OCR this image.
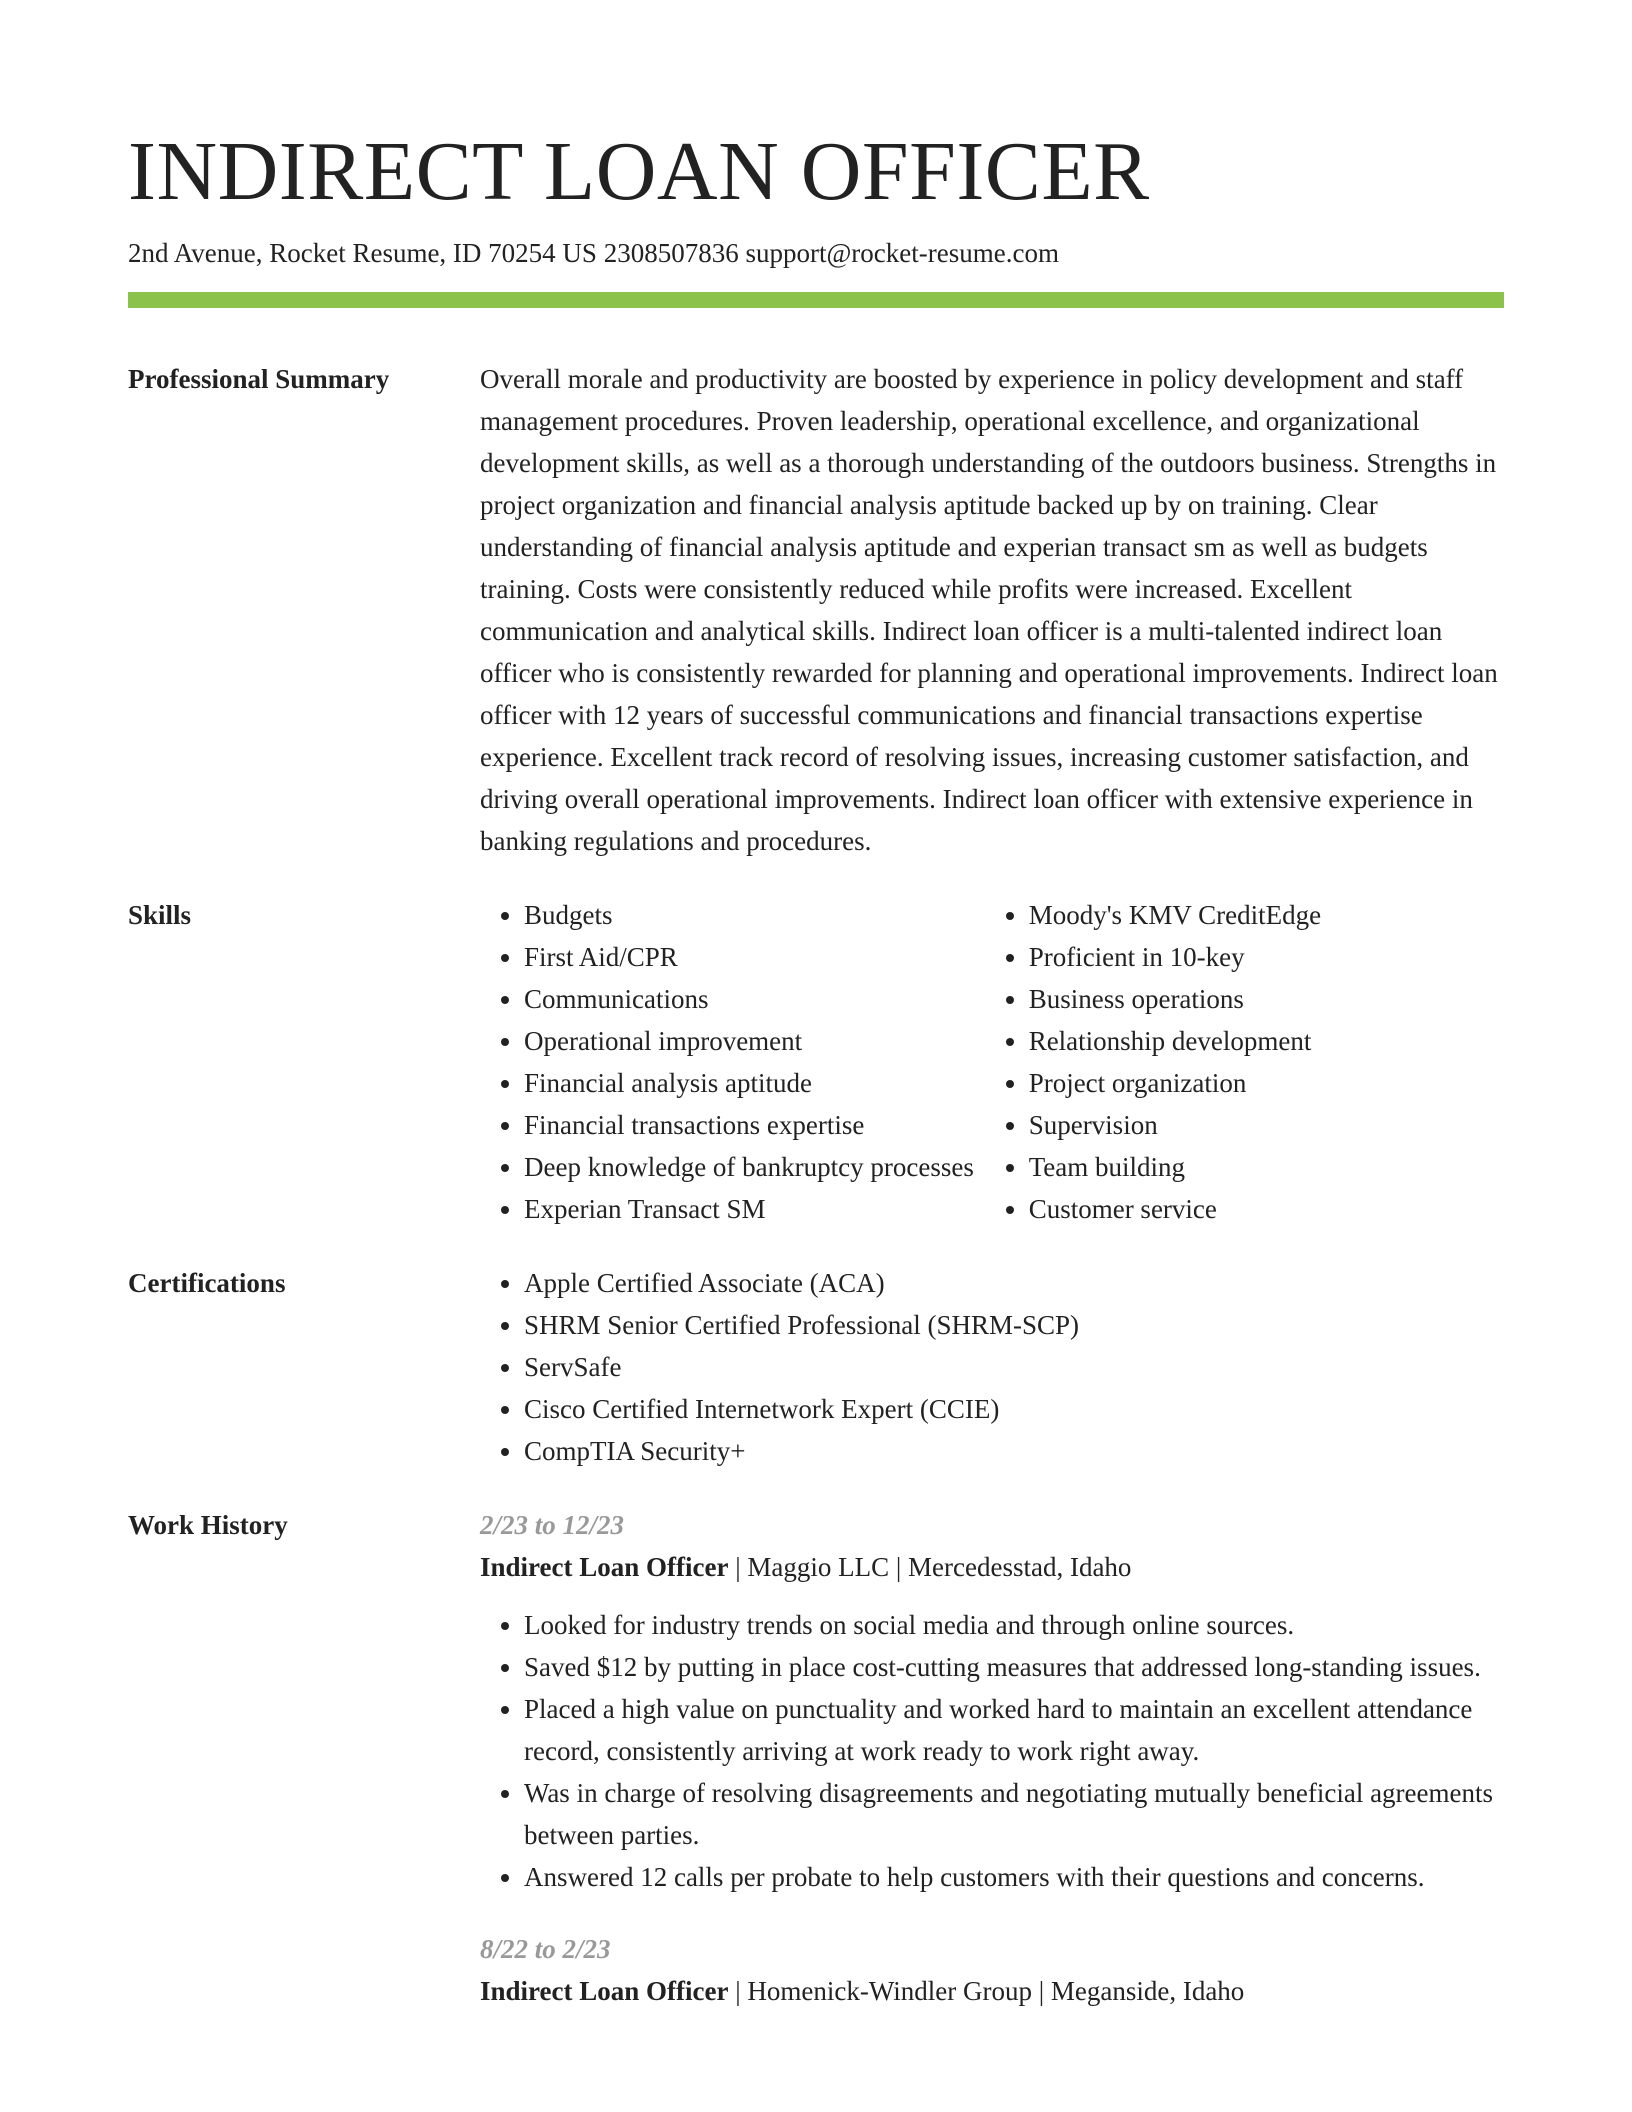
INDIRECT LOAN OFFICER
2nd Avenue, Rocket Resume, ID 70254 US 2308507836 support@rocket-resume.com
Professional Summary	Overall morale and productivity are boosted by experience in policy development and staff management procedures. Proven leadership, operational excellence, and organizational development skills, as well as a thorough understanding of the outdoors business. Strengths in project organization and financial analysis aptitude backed up by on training. Clear understanding of financial analysis aptitude and experian transact sm as well as budgets training. Costs were consistently reduced while profits were increased. Excellent communication and analytical skills. Indirect loan officer is a multi-talented indirect loan officer who is consistently rewarded for planning and operational improvements. Indirect loan officer with 12 years of successful communications and financial transactions expertise experience. Excellent track record of resolving issues, increasing customer satisfaction, and driving overall operational improvements. Indirect loan officer with extensive experience in banking regulations and procedures.

Skills	• Budgets
• First Aid/CPR
• Communications
• Operational improvement
• Financial analysis aptitude
• Financial transactions expertise
• Deep knowledge of bankruptcy processes
• Experian Transact SM
• Moody's KMV CreditEdge
• Proficient in 10-key
• Business operations
• Relationship development
• Project organization
• Supervision
• Team building
• Customer service
Certifications	• Apple Certified Associate (ACA)
• SHRM Senior Certified Professional (SHRM-SCP)
• ServSafe
• Cisco Certified Internetwork Expert (CCIE)
• CompTIA Security+
Work History	2/23 to 12/23
Indirect Loan Officer | Maggio LLC | Mercedesstad, Idaho
• Looked for industry trends on social media and through online sources.
• Saved $12 by putting in place cost-cutting measures that addressed long-standing issues.
• Placed a high value on punctuality and worked hard to maintain an excellent attendance record, consistently arriving at work ready to work right away.
• Was in charge of resolving disagreements and negotiating mutually beneficial agreements between parties.
• Answered 12 calls per probate to help customers with their questions and concerns.
8/22 to 2/23
Indirect Loan Officer | Homenick-Windler Group | Meganside, Idaho
